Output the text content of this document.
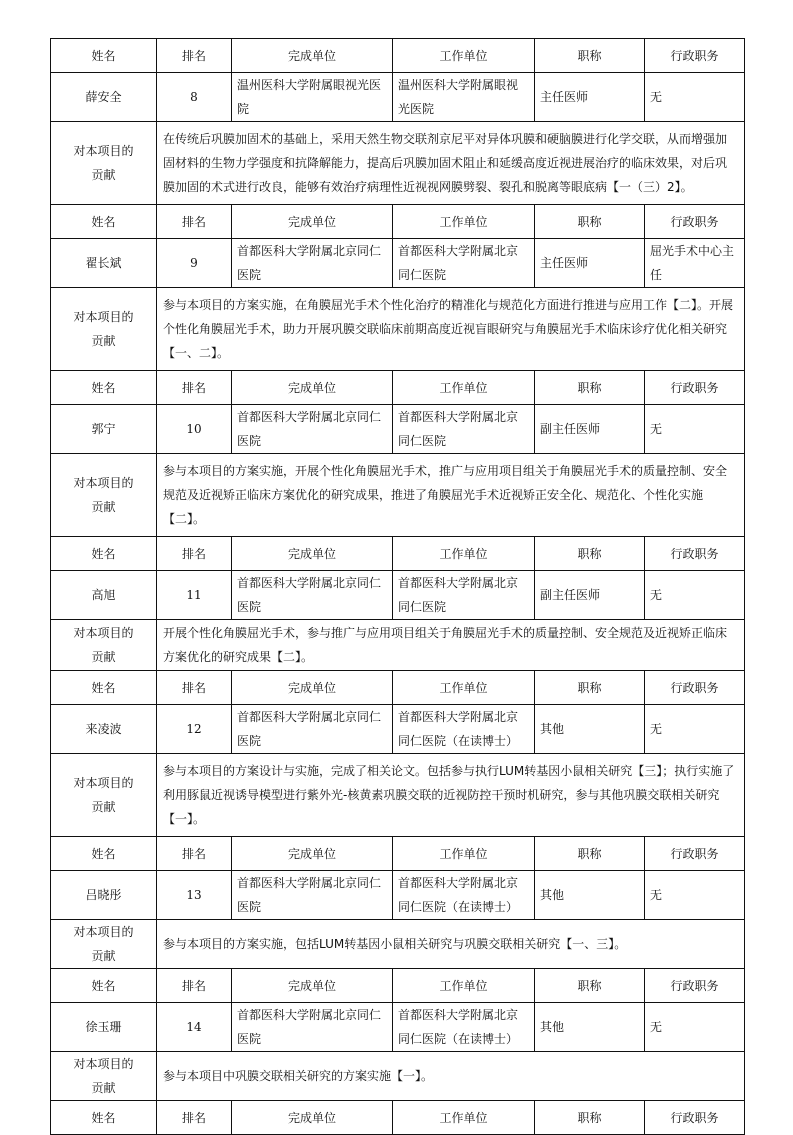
姓名	排名	完成单位	工作单位	职称	行政职务
薛安全	8	温州医科大学附属眼视光医院	温州医科大学附属眼视光医院	主任医师	无
对本项目的
贡献	在传统后巩膜加固术的基础上，采用天然生物交联剂京尼平对异体巩膜和硬脑膜进行化学交联，从而增强加固材料的生物力学强度和抗降解能力，提高后巩膜加固术阻止和延缓高度近视进展治疗的临床效果，对后巩膜加固的术式进行改良，能够有效治疗病理性近视视网膜劈裂、裂孔和脱离等眼底病【一（三）2】。				
姓名	排名	完成单位	工作单位	职称	行政职务
翟长斌	9	首都医科大学附属北京同仁医院	首都医科大学附属北京同仁医院	主任医师	屈光手术中心主任
对本项目的
贡献	参与本项目的方案实施，在角膜屈光手术个性化治疗的精准化与规范化方面进行推进与应用工作【二】。开展个性化角膜屈光手术，助力开展巩膜交联临床前期高度近视盲眼研究与角膜屈光手术临床诊疗优化相关研究【一、二】。				
姓名	排名	完成单位	工作单位	职称	行政职务
郭宁	10	首都医科大学附属北京同仁医院	首都医科大学附属北京同仁医院	副主任医师	无
对本项目的
贡献	参与本项目的方案实施，开展个性化角膜屈光手术，推广与应用项目组关于角膜屈光手术的质量控制、安全规范及近视矫正临床方案优化的研究成果，推进了角膜屈光手术近视矫正安全化、规范化、个性化实施【二】。				
姓名	排名	完成单位	工作单位	职称	行政职务
高旭	11	首都医科大学附属北京同仁医院	首都医科大学附属北京同仁医院	副主任医师	无
对本项目的
贡献	开展个性化角膜屈光手术，参与推广与应用项目组关于角膜屈光手术的质量控制、安全规范及近视矫正临床方案优化的研究成果【二】。				
姓名	排名	完成单位	工作单位	职称	行政职务
来凌波	12	首都医科大学附属北京同仁医院	首都医科大学附属北京同仁医院（在读博士）	其他	无
对本项目的
贡献	参与本项目的方案设计与实施，完成了相关论文。包括参与执行LUM转基因小鼠相关研究【三】；执行实施了利用豚鼠近视诱导模型进行紫外光-核黄素巩膜交联的近视防控干预时机研究，参与其他巩膜交联相关研究【一】。				
姓名	排名	完成单位	工作单位	职称	行政职务
吕晓彤	13	首都医科大学附属北京同仁医院	首都医科大学附属北京同仁医院（在读博士）	其他	无
对本项目的
贡献	参与本项目的方案实施，包括LUM转基因小鼠相关研究与巩膜交联相关研究【一、三】。				
姓名	排名	完成单位	工作单位	职称	行政职务
徐玉珊	14	首都医科大学附属北京同仁医院	首都医科大学附属北京同仁医院（在读博士）	其他	无
对本项目的
贡献	参与本项目中巩膜交联相关研究的方案实施【一】。				
姓名	排名	完成单位	工作单位	职称	行政职务
